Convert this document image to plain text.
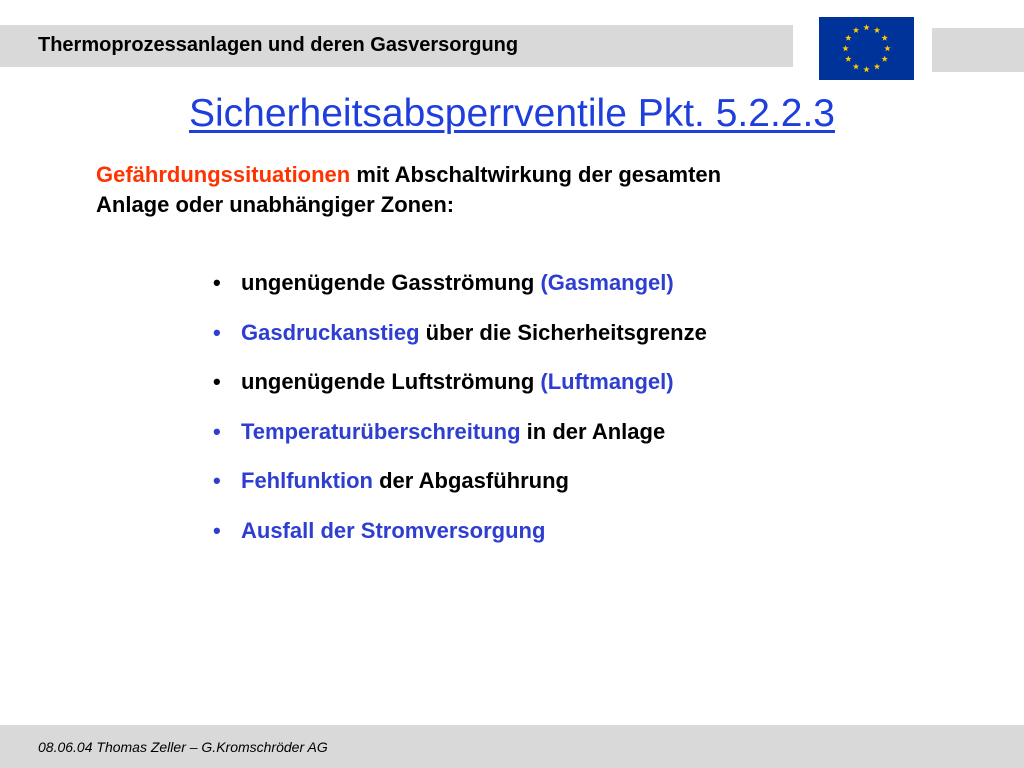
Thermoprozessanlagen und deren Gasversorgung
Sicherheitsabsperrventile Pkt. 5.2.2.3
Gefährdungssituationen mit Abschaltwirkung der gesamten
Anlage oder unabhängiger Zonen:
• ungenügende Gasströmung (Gasmangel)
• Gasdruckanstieg über die Sicherheitsgrenze
• ungenügende Luftströmung (Luftmangel)
• Temperaturüberschreitung in der Anlage
• Fehlfunktion der Abgasführung
• Ausfall der Stromversorgung
08.06.04 Thomas Zeller – G.Kromschröder AG
